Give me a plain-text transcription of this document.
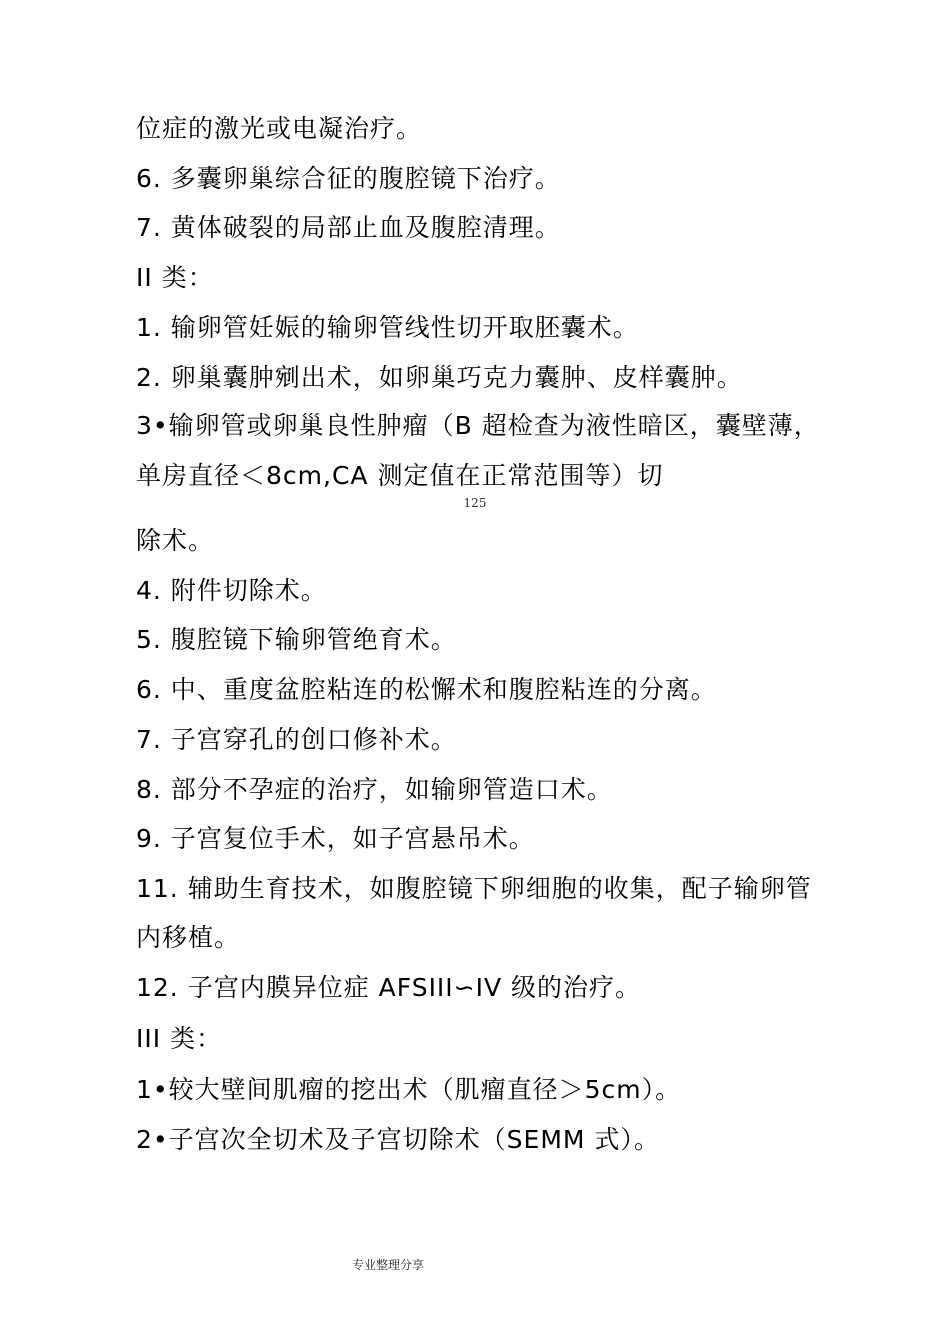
位症的激光或电凝治疗。
6. 多囊卵巢综合征的腹腔镜下治疗。
7. 黄体破裂的局部止血及腹腔清理。
II 类：
1. 输卵管妊娠的输卵管线性切开取胚囊术。
2. 卵巢囊肿剜出术，如卵巢巧克力囊肿、皮样囊肿。
3•输卵管或卵巢良性肿瘤（B 超检查为液性暗区，囊壁薄，
单房直径＜8cm,CA 测定值在正常范围等）切
125
除术。
4. 附件切除术。
5. 腹腔镜下输卵管绝育术。
6. 中、重度盆腔粘连的松懈术和腹腔粘连的分离。
7. 子宫穿孔的创口修补术。
8. 部分不孕症的治疗，如输卵管造口术。
9. 子宫复位手术，如子宫悬吊术。
11. 辅助生育技术，如腹腔镜下卵细胞的收集，配子输卵管
内移植。
12. 子宫内膜异位症 AFSIII∽IV 级的治疗。
III 类：
1•较大壁间肌瘤的挖出术（肌瘤直径＞5cm）。
2•子宫次全切术及子宫切除术（SEMM 式）。
专业整理分享
